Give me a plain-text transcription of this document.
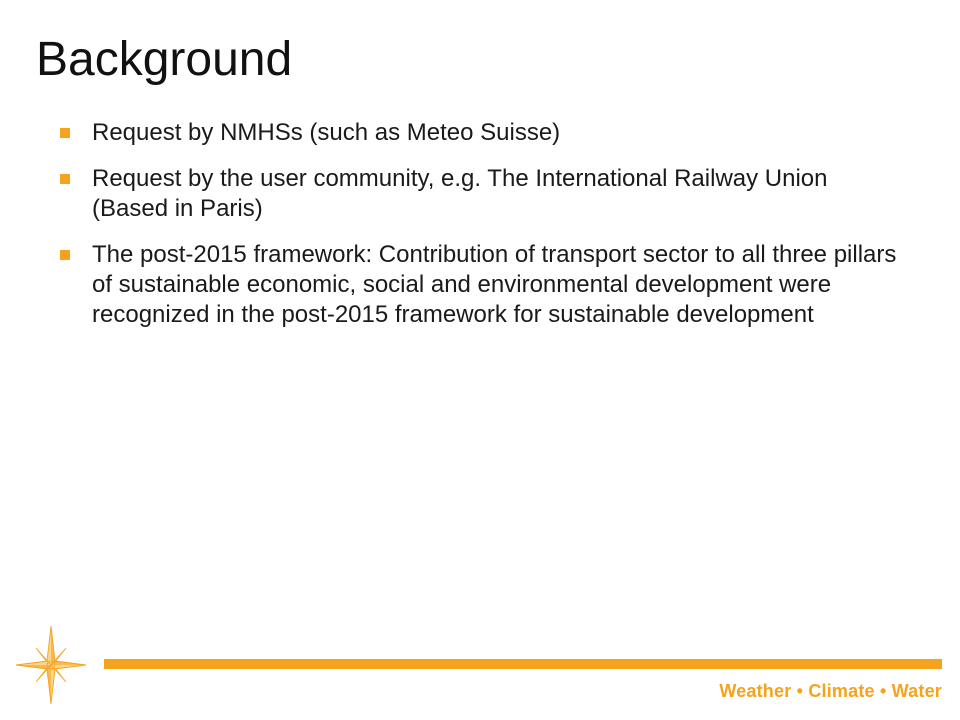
Background
Request by NMHSs (such as Meteo Suisse)
Request by the user community, e.g. The International Railway Union (Based in Paris)
The post-2015 framework: Contribution of transport sector to all three pillars of sustainable economic, social and environmental development were recognized in the post-2015 framework for sustainable development
Weather • Climate • Water
